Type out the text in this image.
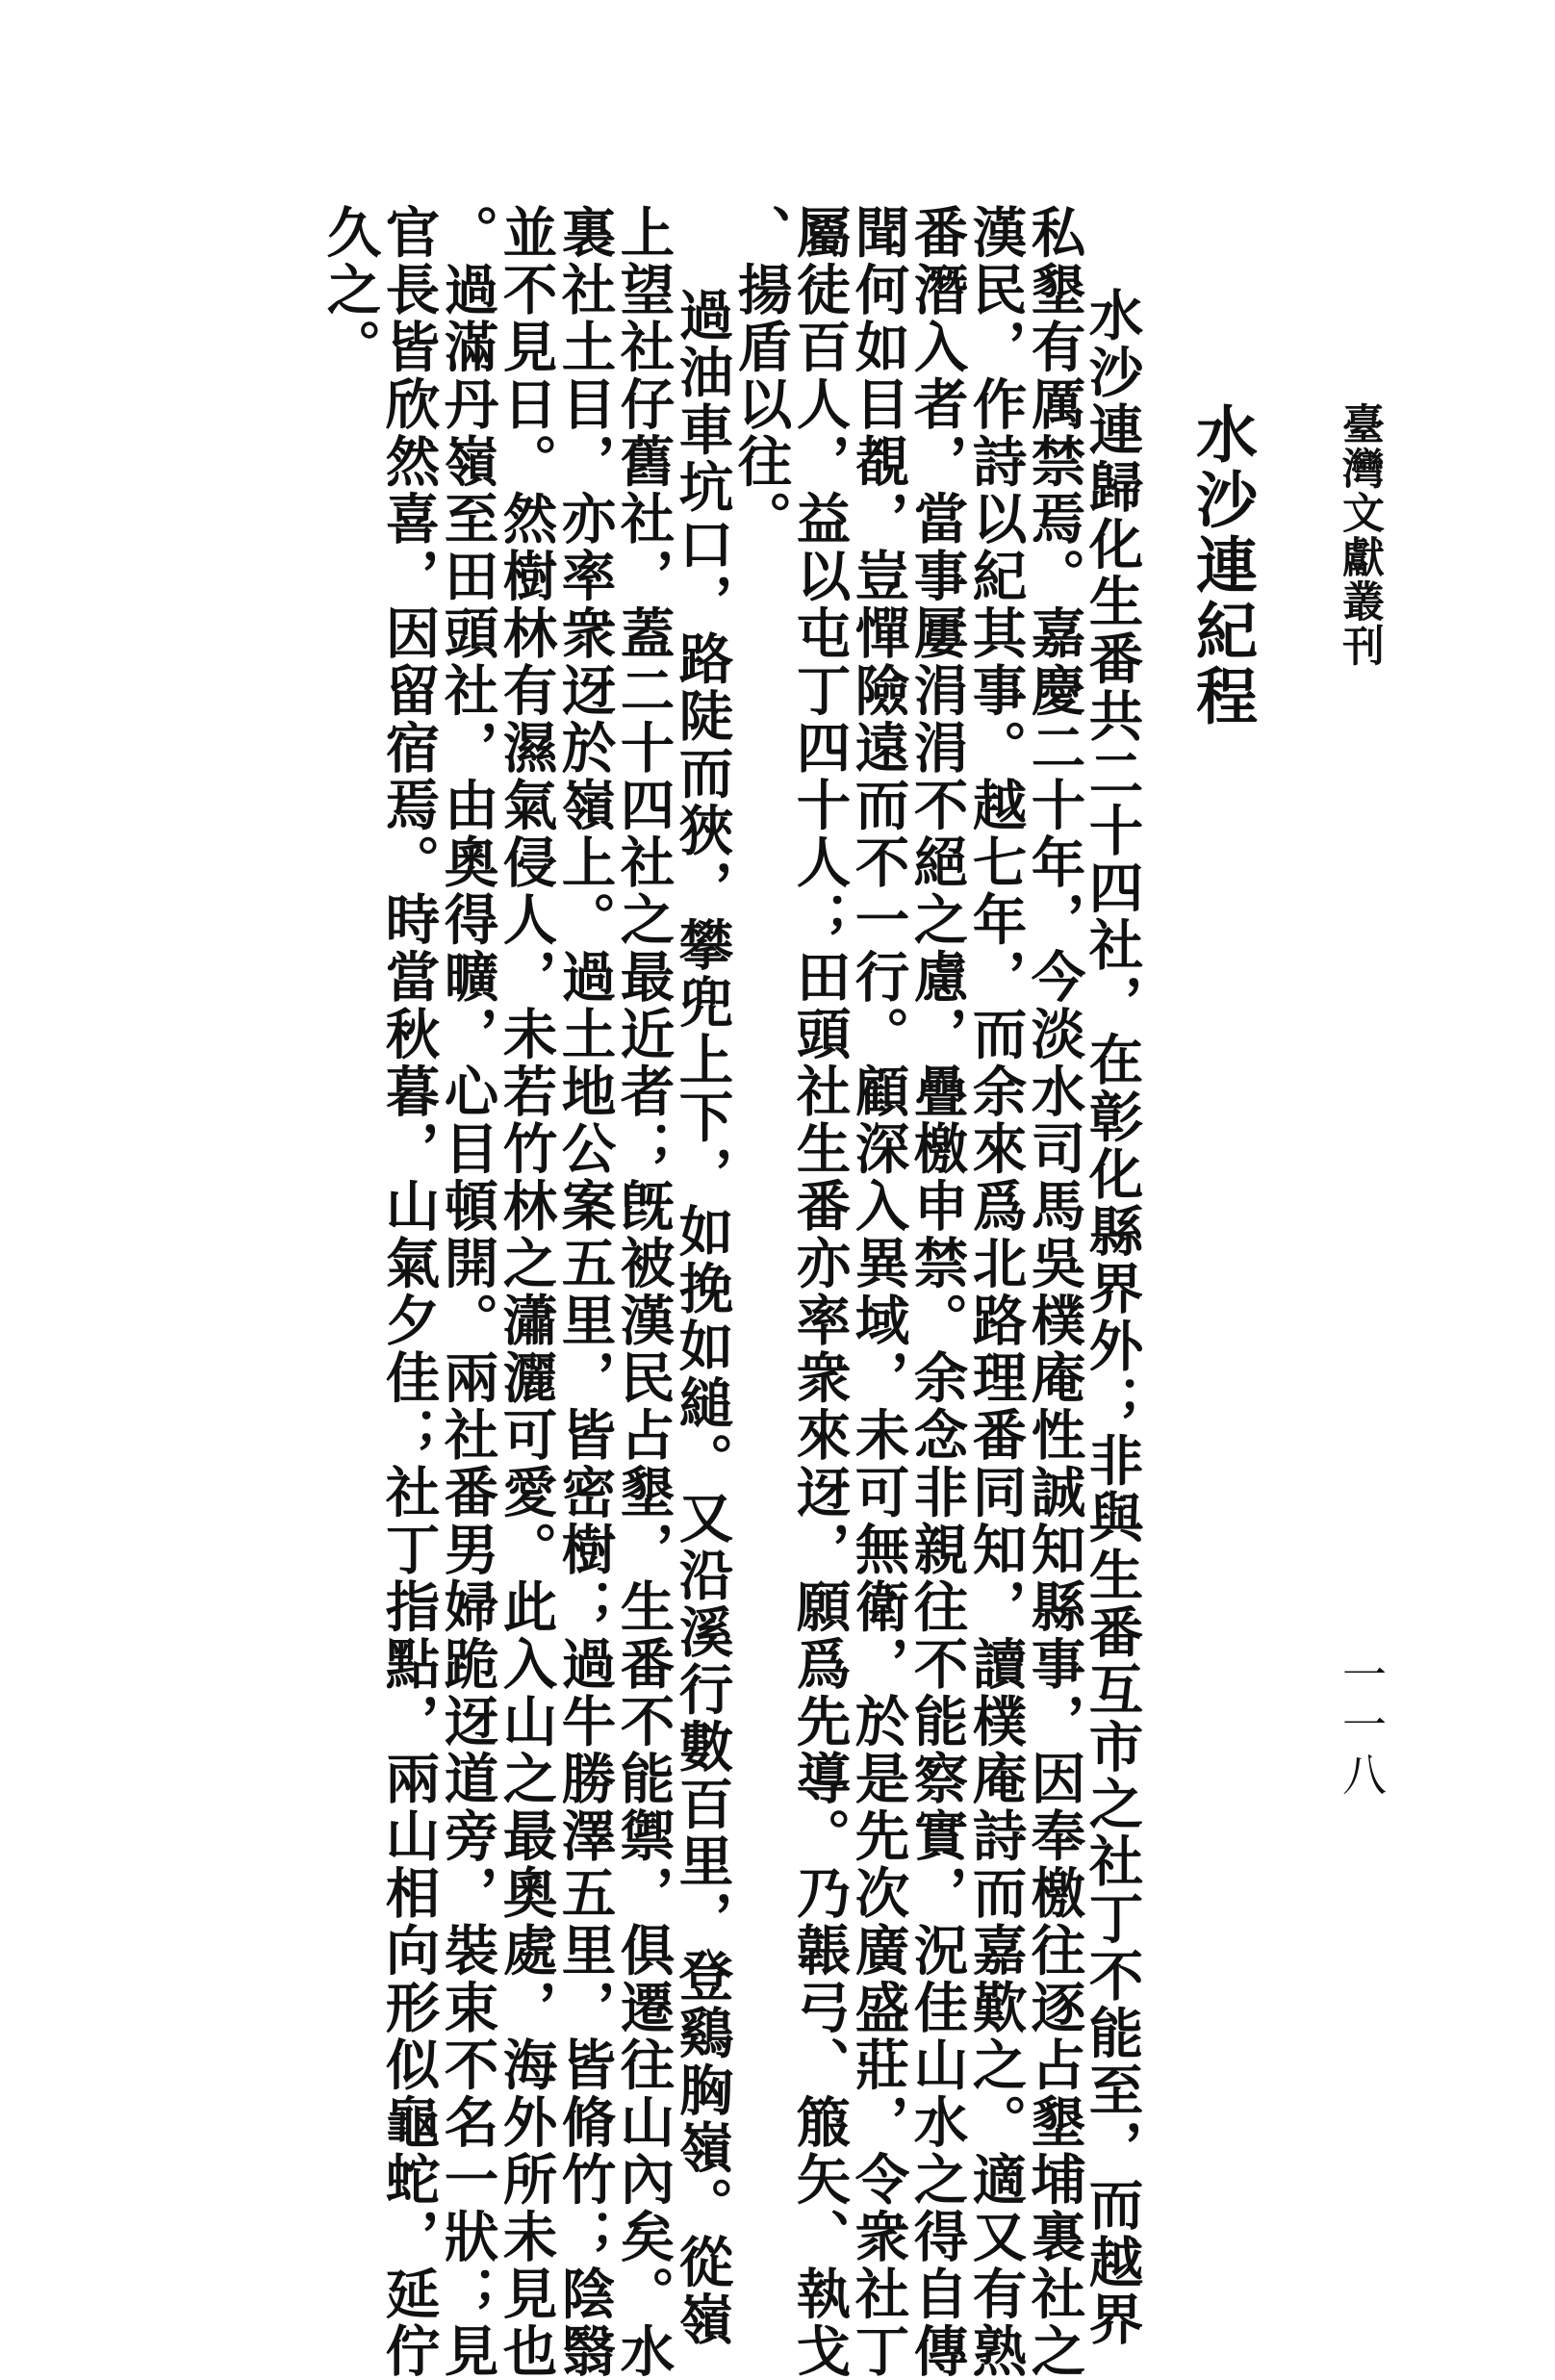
臺灣文獻叢刊
一一八
水沙連紀程
水沙連歸化生番共二十四社，在彰化縣界外；非與生番互市之社丁不能至，而越界
私墾有厲禁焉。嘉慶二十年，今淡水司馬吳樸庵性誠知縣事，因奉檄往逐占墾埔裏社之
漢民，作詩以紀其事。越七年，而余來爲北路理番同知，讀樸庵詩而嘉歎之。適又有熟
番潛入者，當事屢涓涓不絕之慮，疊檄申禁。余念非親往不能察實，況佳山水之得自傳
聞何如目覩，豈憚險遠而不一行。顧深入異域，未可無衛，於是先次廣盛莊，令衆社丁
屬徒百人，益以屯丁四十人；田頭社生番亦率衆來迓，願爲先導。乃韔弓、箙矢、執戈
、揚盾以往。
過油車坑口，路陡而狹，攀兜上下，如挽如縋。又沿溪行數百里，登鷄胸嶺。從嶺
上望社仔舊社，蓋二十四社之最近者；旣被漢民占墾，生番不能禦，俱遷往山內矣。水
裏社土目，亦率衆迓於嶺上。過土地公案五里，皆密樹；過牛勝澤五里，皆脩竹；陰翳
並不見日。然樹林有濕氣侵人，未若竹林之瀟灑可愛。此入山之最奧處，海外所未見也
。過滿丹嶺至田頭社，由奧得曠，心目頓開。兩社番男婦跪迓道旁，裝束不名一狀；見
官長皆欣然喜，因留宿焉。時當秋暮，山氣夕佳；社丁指點，兩山相向形似龜蛇，延佇
久之。
